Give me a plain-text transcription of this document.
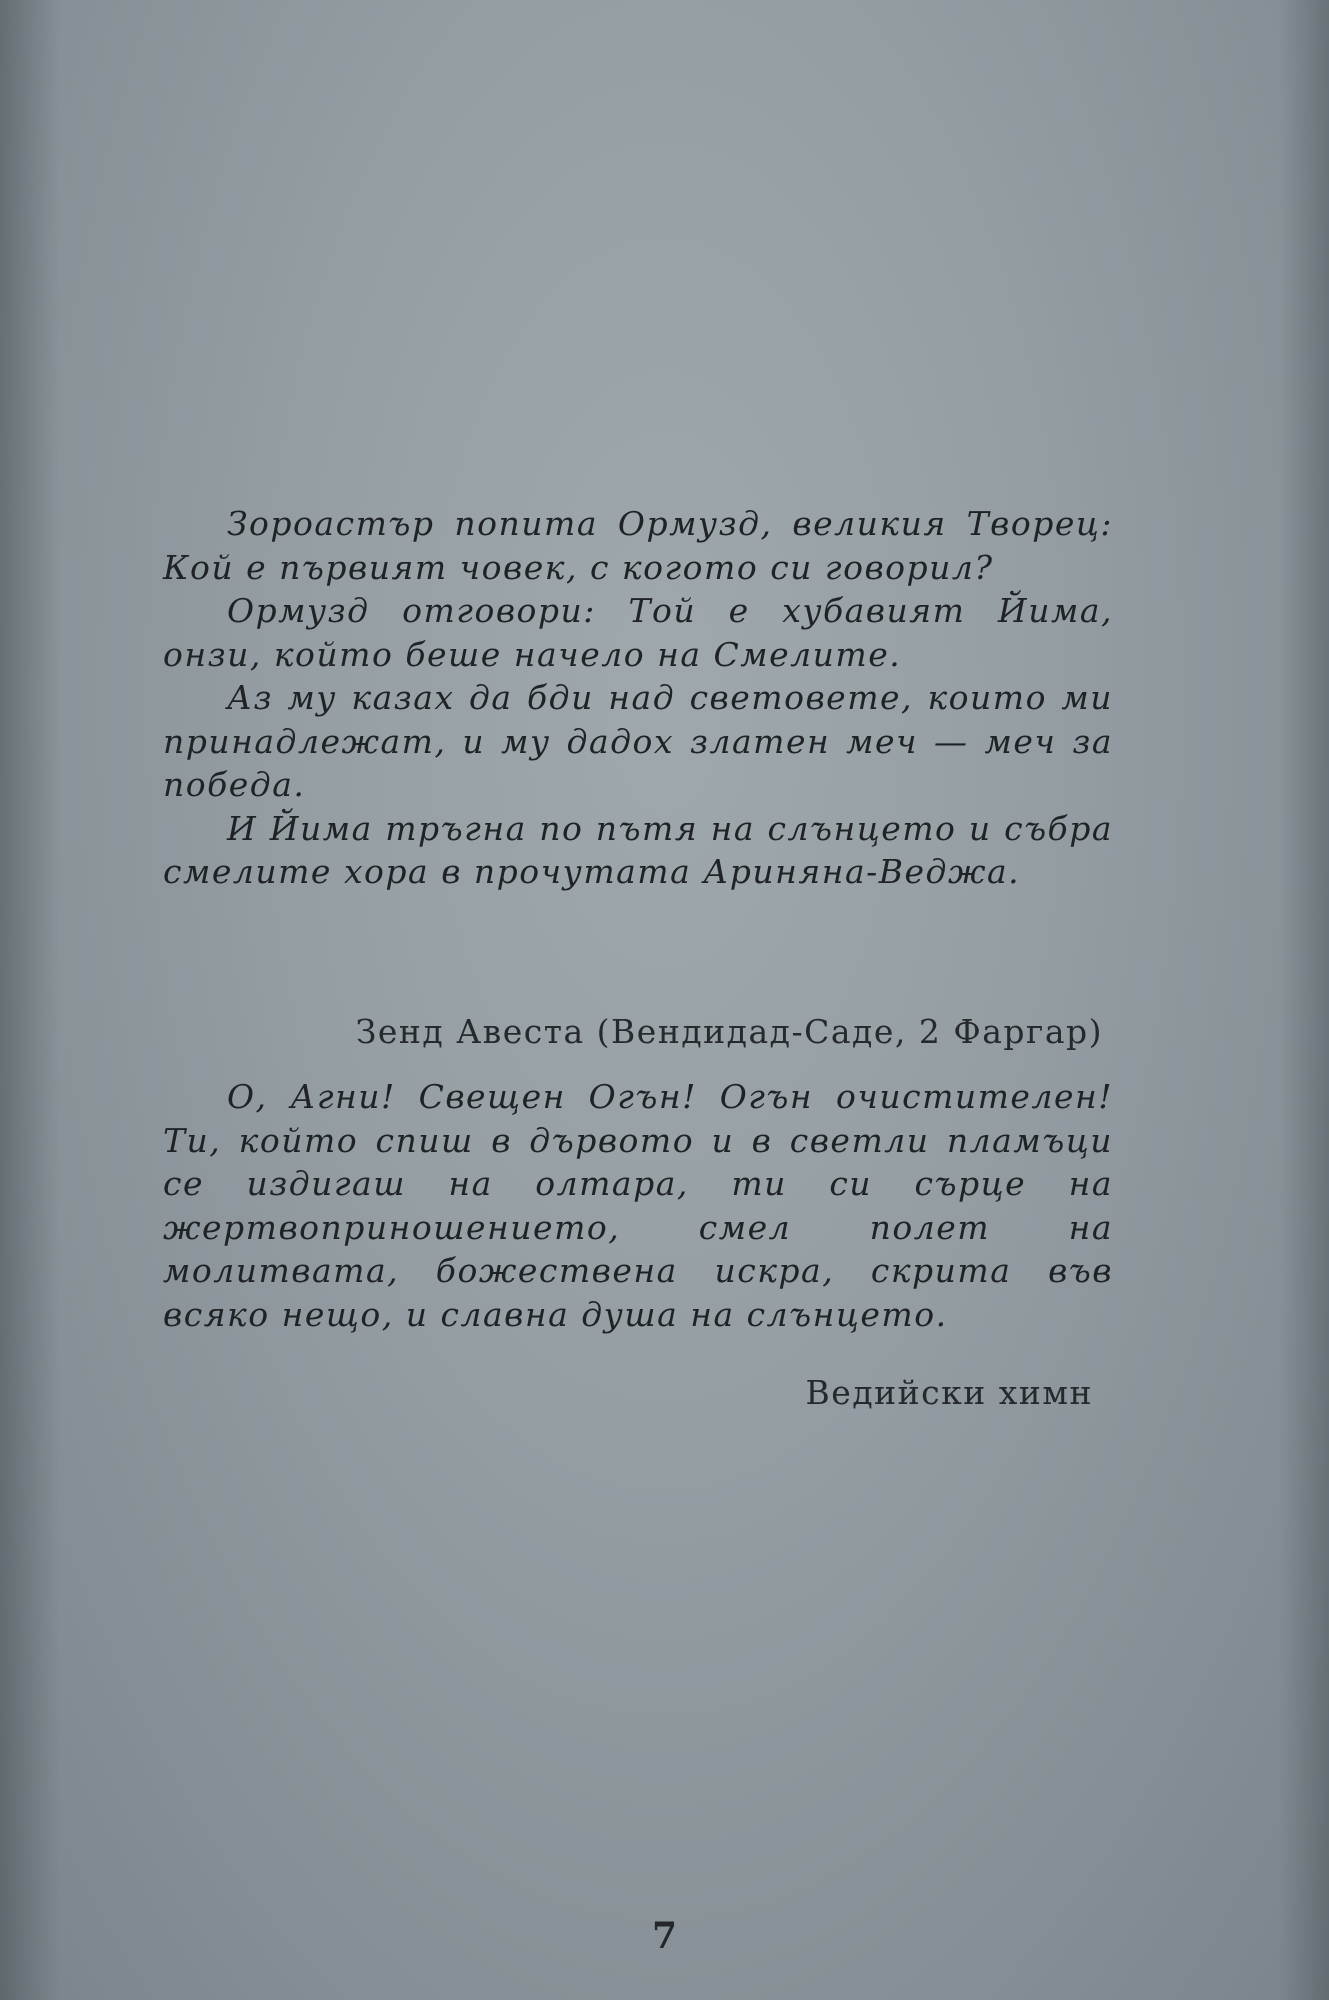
Зороастър попита Ормузд, великия Творец: Кой е първият човек, с когото си говорил?

Ормузд отговори: Той е хубавият Йима, онзи, който беше начело на Смелите.

Аз му казах да бди над световете, които ми принадлежат, и му дадох златен меч — меч за победа.

И Йима тръгна по пътя на слънцето и събра смелите хора в прочутата Ариняна-Веджа.

Зенд Авеста (Вендидад-Саде, 2 Фаргар)

О, Агни! Свещен Огън! Огън очистителен! Ти, който спиш в дървото и в светли пламъци се издигаш на олтара, ти си сърце на жертвоприношението, смел полет на молитвата, божествена искра, скрита във всяко нещо, и славна душа на слънцето.

Ведийски химн
7
